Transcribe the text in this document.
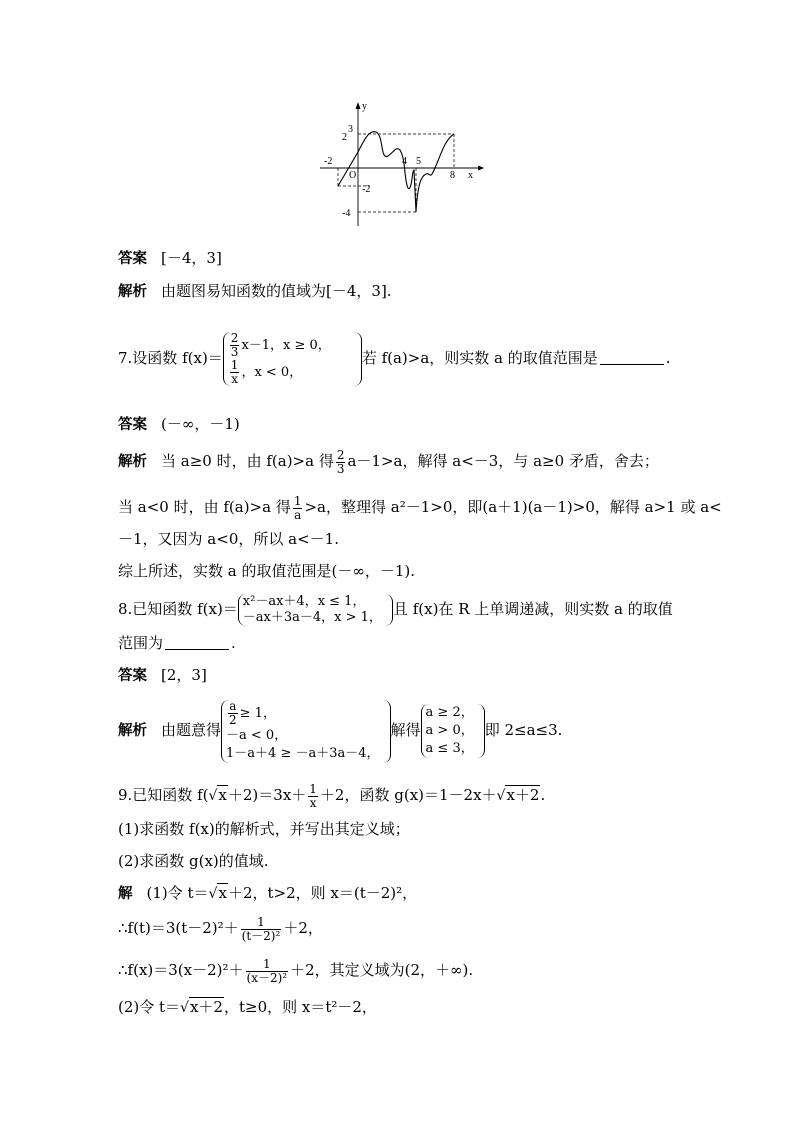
y
x
O
2
3
-2
-2
-4
4 5
8
答案 [－4，3]
解析 由题图易知函数的值域为[－4，3].
7.设函数 $f(x)= \frac{2}{3} x-1$，x ≥ 0，
$\frac{1}{x}$ ，x < 0，
若 f(a)>a，则实数 a 的取值范围是	.
答案 (－∞，－1)
解析 当 a≥0 时，由 f(a)>a 得 $\frac{2}{3} a-1>a$，解得 a<－3，与 a≥0 矛盾，舍去；
当 a<0 时，由 f(a)>a 得 $\frac{1}{a} >a$，整理得 a²－1>0，即(a＋1)(a－1)>0，解得 a>1 或 a<
－1，又因为 a<0，所以 a<－1.
综上所述，实数 a 的取值范围是(－∞，－1).
8.已知函数 f(x)＝ x²－ax＋4，x ≤ 1，
－ax＋3a－4，x > 1， 且 f(x)在 R 上单调递减，则实数 a 的取值
范围为	.
答案 [2，3]
解析 由题意得
$\frac{a}{2} \ge 1$，
－a < 0，
1－a＋4 ≥ －a＋3a－4，
解得
a ≥ 2，
a > 0，
a ≤ 3，
即 2≤a≤3.
9.已知函数 $f(√x+2)=3x+ \frac{1}{x} +2$，函数 g(x)＝1－2x＋√x＋2.
(1)求函数 f(x)的解析式，并写出其定义域；
(2)求函数 g(x)的值域.
解 (1)令 t＝√x＋2，t>2，则 x＝(t－2)²，
∴f(t)＝3(t－2)²＋ $\frac{1}{\text{(t－2)²}} +2$，
∴f(x)＝3(x－2)²＋ $\frac{1}{\text{(x－2)²}} +2$，其定义域为(2，＋∞).
(2)令 t＝√x＋2，t≥0，则 x＝t²－2，
